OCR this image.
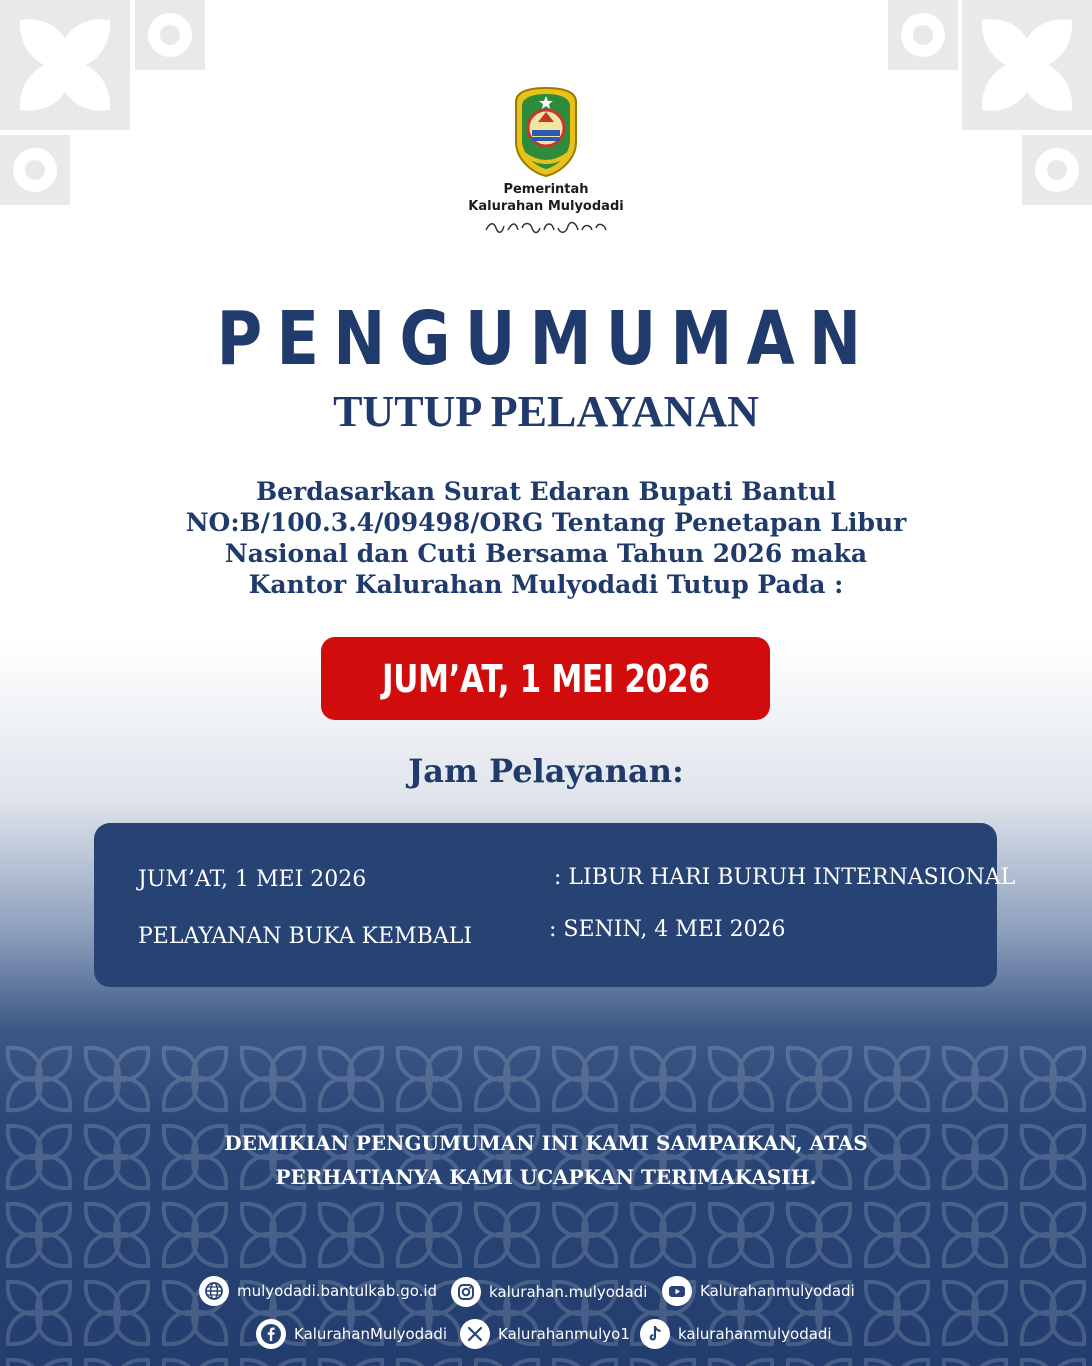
Pemerintah
Kalurahan Mulyodadi
PENGUMUMAN
TUTUP PELAYANAN
Berdasarkan Surat Edaran Bupati Bantul
NO:B/100.3.4/09498/ORG Tentang Penetapan Libur
Nasional dan Cuti Bersama Tahun 2026 maka
Kantor Kalurahan Mulyodadi Tutup Pada :
JUM’AT, 1 MEI 2026
Jam Pelayanan:
JUM’AT, 1 MEI 2026	: LIBUR HARI BURUH INTERNASIONAL
PELAYANAN BUKA KEMBALI	: SENIN, 4 MEI 2026
DEMIKIAN PENGUMUMAN INI KAMI SAMPAIKAN, ATAS
PERHATIANYA KAMI UCAPKAN TERIMAKASIH.
mulyodadi.bantulkab.go.id	kalurahan.mulyodadi	Kalurahanmulyodadi
KalurahanMulyodadi	Kalurahanmulyo1	kalurahanmulyodadi
